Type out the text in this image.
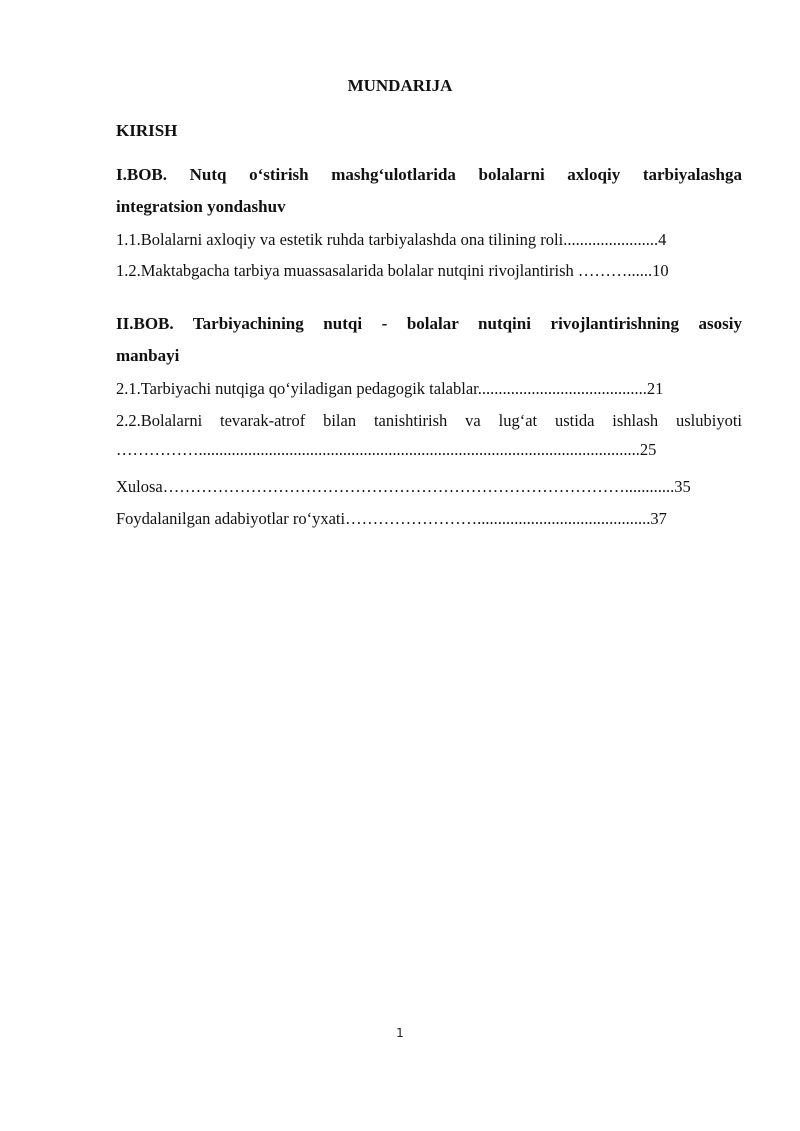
MUNDARIJA
KIRISH
I.BOB. Nutq o‘stirish mashg‘ulotlarida bolalarni axloqiy tarbiyalashga
integratsion yondashuv
1.1.Bolalarni axloqiy va estetik ruhda tarbiyalashda ona tilining roli.......................4
1.2.Maktabgacha tarbiya muassasalarida bolalar nutqini rivojlantirish ………......10
II.BOB. Tarbiyachining nutqi - bolalar nutqini rivojlantirishning asosiy
manbayi
2.1.Tarbiyachi nutqiga qo‘yiladigan pedagogik talablar.........................................21
2.2.Bolalarni tevarak-atrof bilan tanishtirish va lug‘at ustida ishlash uslubiyoti
……………...........................................................................................................25
Xulosa…………………………………………………………………………............35
Foydalanilgan adabiyotlar ro‘yxati……………………..........................................37
1
